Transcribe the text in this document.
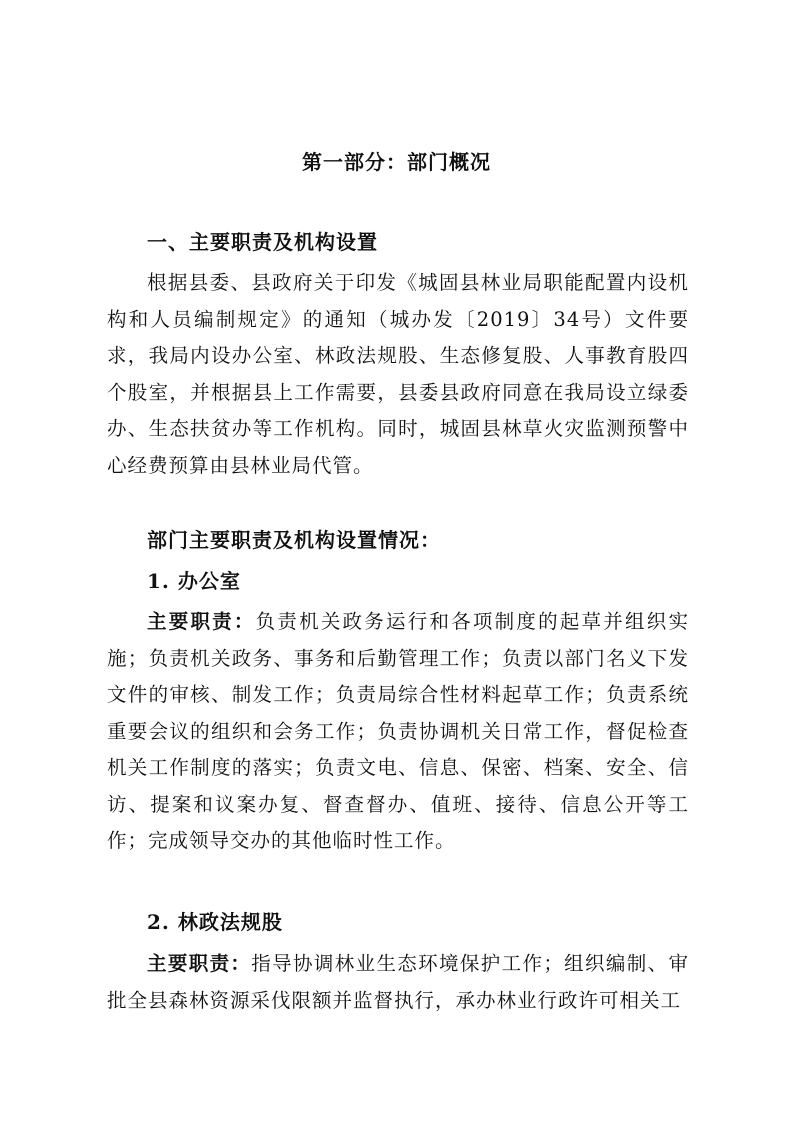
第一部分：部门概况
一、主要职责及机构设置
根据县委、县政府关于印发《城固县林业局职能配置内设机构和人员编制规定》的通知（城办发〔2019〕34号）文件要求，我局内设办公室、林政法规股、生态修复股、人事教育股四个股室，并根据县上工作需要，县委县政府同意在我局设立绿委办、生态扶贫办等工作机构。同时，城固县林草火灾监测预警中心经费预算由县林业局代管。
部门主要职责及机构设置情况：
1. 办公室
主要职责：负责机关政务运行和各项制度的起草并组织实施；负责机关政务、事务和后勤管理工作；负责以部门名义下发文件的审核、制发工作；负责局综合性材料起草工作；负责系统重要会议的组织和会务工作；负责协调机关日常工作，督促检查机关工作制度的落实；负责文电、信息、保密、档案、安全、信访、提案和议案办复、督查督办、值班、接待、信息公开等工作；完成领导交办的其他临时性工作。
2. 林政法规股
主要职责：指导协调林业生态环境保护工作；组织编制、审批全县森林资源采伐限额并监督执行，承办林业行政许可相关工
